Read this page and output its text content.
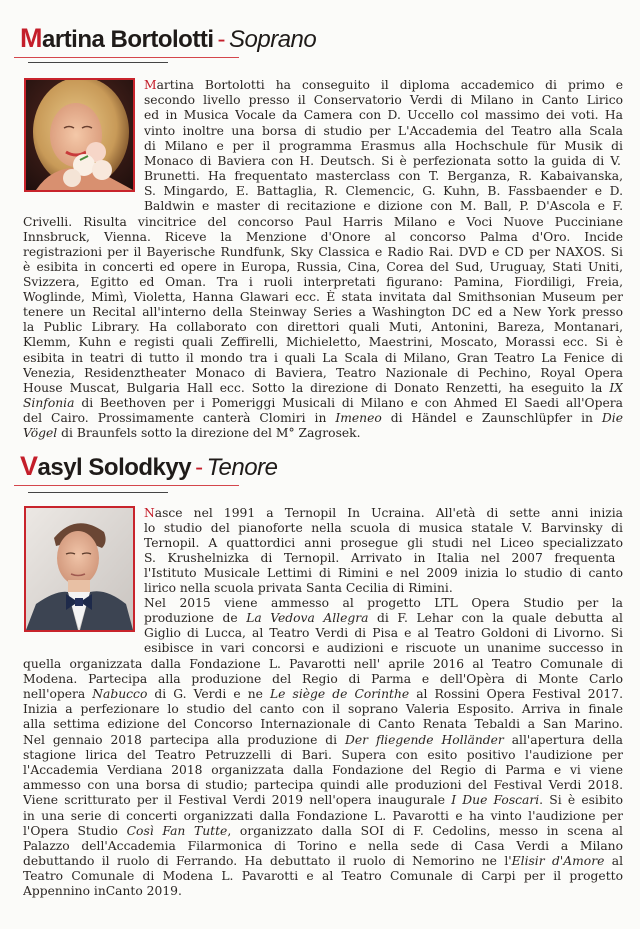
Martina Bortolotti - Soprano
Martina Bortolotti ha conseguito il diploma accademico di primo e
secondo livello presso il Conservatorio Verdi di Milano in Canto Lirico
ed in Musica Vocale da Camera con D. Uccello col massimo dei voti. Ha
vinto inoltre una borsa di studio per L'Accademia del Teatro alla Scala
di Milano e per il programma Erasmus alla Hochschule für Musik di
Monaco di Baviera con H. Deutsch. Si è perfezionata sotto la guida di V.
Brunetti. Ha frequentato masterclass con T. Berganza, R. Kabaivanska,
S. Mingardo, E. Battaglia, R. Clemencic, G. Kuhn, B. Fassbaender e D.
Baldwin e master di recitazione e dizione con M. Ball, P. D'Ascola e F.
Crivelli. Risulta vincitrice del concorso Paul Harris Milano e Voci Nuove Pucciniane
Innsbruck, Vienna. Riceve la Menzione d'Onore al concorso Palma d'Oro. Incide
registrazioni per il Bayerische Rundfunk, Sky Classica e Radio Rai. DVD e CD per NAXOS. Si
è esibita in concerti ed opere in Europa, Russia, Cina, Corea del Sud, Uruguay, Stati Uniti,
Svizzera, Egitto ed Oman. Tra i ruoli interpretati figurano: Pamina, Fiordiligi, Freia,
Woglinde, Mimì, Violetta, Hanna Glawari ecc. È stata invitata dal Smithsonian Museum per
tenere un Recital all'interno della Steinway Series a Washington DC ed a New York presso
la Public Library. Ha collaborato con direttori quali Muti, Antonini, Bareza, Montanari,
Klemm, Kuhn e registi quali Zeffirelli, Michieletto, Maestrini, Moscato, Morassi ecc. Si è
esibita in teatri di tutto il mondo tra i quali La Scala di Milano, Gran Teatro La Fenice di
Venezia, Residenztheater Monaco di Baviera, Teatro Nazionale di Pechino, Royal Opera
House Muscat, Bulgaria Hall ecc. Sotto la direzione di Donato Renzetti, ha eseguito la IX
Sinfonia di Beethoven per i Pomeriggi Musicali di Milano e con Ahmed El Saedi all'Opera
del Cairo. Prossimamente canterà Clomiri in Imeneo di Händel e Zaunschlüpfer in Die
Vögel di Braunfels sotto la direzione del M° Zagrosek.
Vasyl Solodkyy - Tenore
Nasce nel 1991 a Ternopil In Ucraina. All'età di sette anni inizia
lo studio del pianoforte nella scuola di musica statale V. Barvinsky di
Ternopil. A quattordici anni prosegue gli studi nel Liceo specializzato
S. Krushelnizka di Ternopil. Arrivato in Italia nel 2007 frequenta
l'Istituto Musicale Lettimi di Rimini e nel 2009 inizia lo studio di canto
lirico nella scuola privata Santa Cecilia di Rimini.
Nel 2015 viene ammesso al progetto LTL Opera Studio per la
produzione de La Vedova Allegra di F. Lehar con la quale debutta al
Giglio di Lucca, al Teatro Verdi di Pisa e al Teatro Goldoni di Livorno. Si
esibisce in vari concorsi e audizioni e riscuote un unanime successo in
quella organizzata dalla Fondazione L. Pavarotti nell' aprile 2016 al Teatro Comunale di
Modena. Partecipa alla produzione del Regio di Parma e dell'Opèra di Monte Carlo
nell'opera Nabucco di G. Verdi e ne Le siège de Corinthe al Rossini Opera Festival 2017.
Inizia a perfezionare lo studio del canto con il soprano Valeria Esposito. Arriva in finale
alla settima edizione del Concorso Internazionale di Canto Renata Tebaldi a San Marino.
Nel gennaio 2018 partecipa alla produzione di Der fliegende Holländer all'apertura della
stagione lirica del Teatro Petruzzelli di Bari. Supera con esito positivo l'audizione per
l'Accademia Verdiana 2018 organizzata dalla Fondazione del Regio di Parma e vi viene
ammesso con una borsa di studio; partecipa quindi alle produzioni del Festival Verdi 2018.
Viene scritturato per il Festival Verdi 2019 nell'opera inaugurale I Due Foscari. Si è esibito
in una serie di concerti organizzati dalla Fondazione L. Pavarotti e ha vinto l'audizione per
l'Opera Studio Così Fan Tutte, organizzato dalla SOI di F. Cedolins, messo in scena al
Palazzo dell'Accademia Filarmonica di Torino e nella sede di Casa Verdi a Milano
debuttando il ruolo di Ferrando. Ha debuttato il ruolo di Nemorino ne l'Elisir d'Amore al
Teatro Comunale di Modena L. Pavarotti e al Teatro Comunale di Carpi per il progetto
Appennino inCanto 2019.
